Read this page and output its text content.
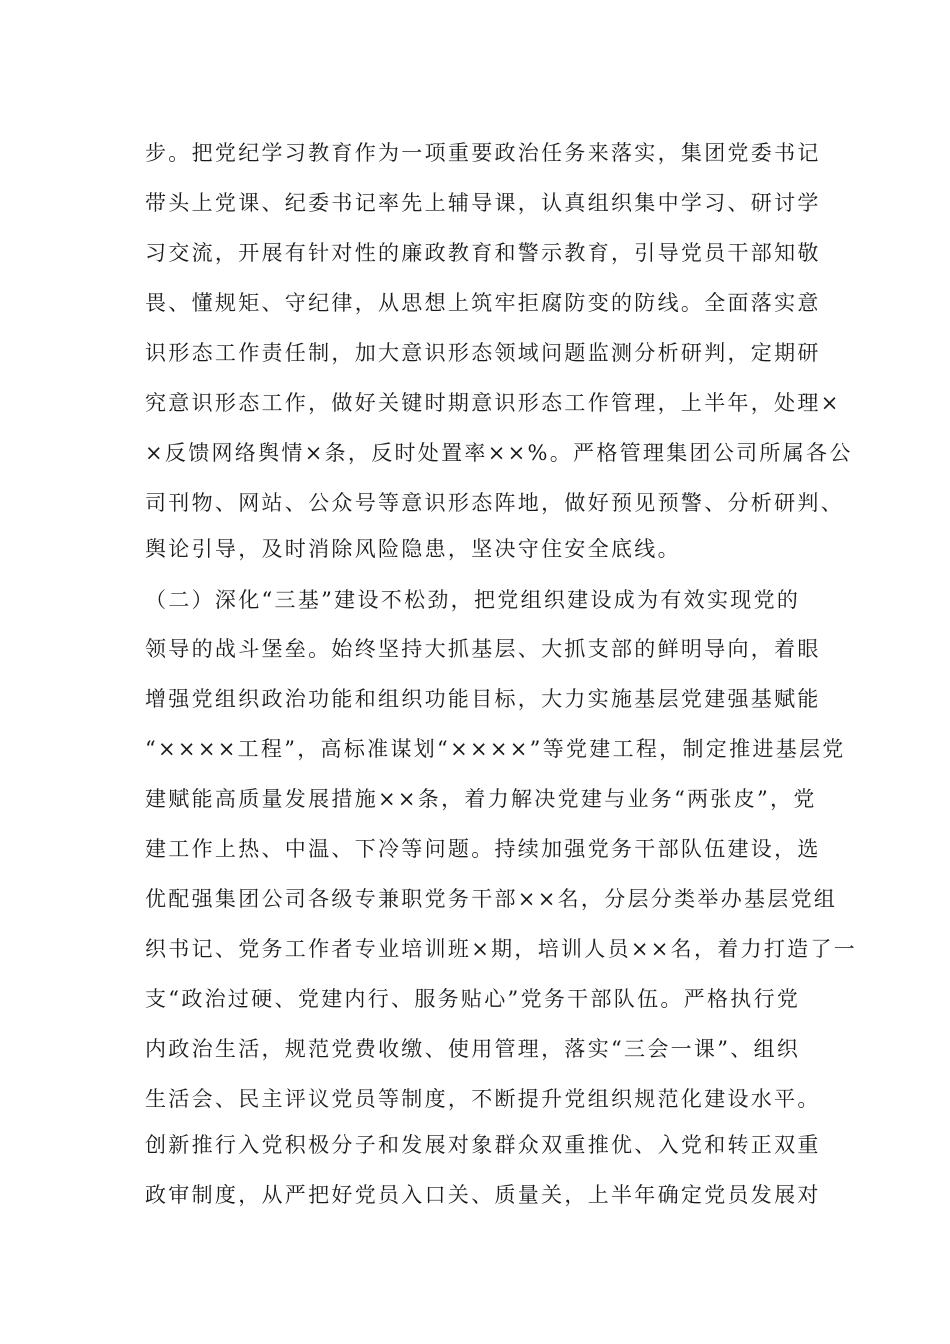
步。把党纪学习教育作为一项重要政治任务来落实，集团党委书记
带头上党课、纪委书记率先上辅导课，认真组织集中学习、研讨学
习交流，开展有针对性的廉政教育和警示教育，引导党员干部知敬
畏、懂规矩、守纪律，从思想上筑牢拒腐防变的防线。全面落实意
识形态工作责任制，加大意识形态领域问题监测分析研判，定期研
究意识形态工作，做好关键时期意识形态工作管理，上半年，处理×
×反馈网络舆情×条，反时处置率××%。严格管理集团公司所属各公
司刊物、网站、公众号等意识形态阵地，做好预见预警、分析研判、
舆论引导，及时消除风险隐患，坚决守住安全底线。
（二）深化“三基”建设不松劲，把党组织建设成为有效实现党的
领导的战斗堡垒。始终坚持大抓基层、大抓支部的鲜明导向，着眼
增强党组织政治功能和组织功能目标，大力实施基层党建强基赋能
“××××工程”，高标准谋划“××××”等党建工程，制定推进基层党
建赋能高质量发展措施××条，着力解决党建与业务“两张皮”，党
建工作上热、中温、下冷等问题。持续加强党务干部队伍建设，选
优配强集团公司各级专兼职党务干部××名，分层分类举办基层党组
织书记、党务工作者专业培训班×期，培训人员××名，着力打造了一
支“政治过硬、党建内行、服务贴心”党务干部队伍。严格执行党
内政治生活，规范党费收缴、使用管理，落实“三会一课”、组织
生活会、民主评议党员等制度，不断提升党组织规范化建设水平。
创新推行入党积极分子和发展对象群众双重推优、入党和转正双重
政审制度，从严把好党员入口关、质量关，上半年确定党员发展对
